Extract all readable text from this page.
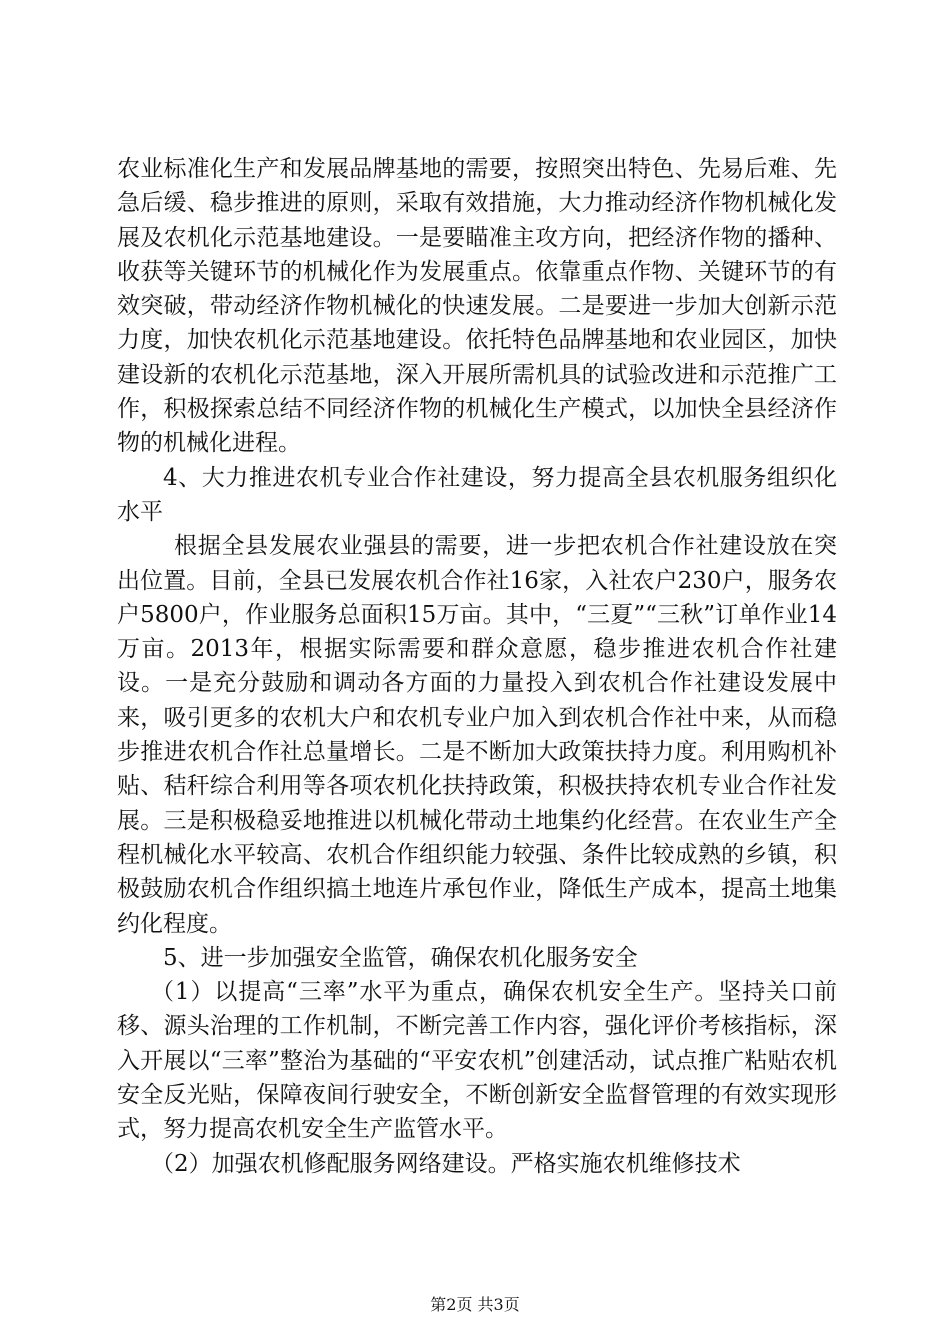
农业标准化生产和发展品牌基地的需要，按照突出特色、先易后难、先急后缓、稳步推进的原则，采取有效措施，大力推动经济作物机械化发展及农机化示范基地建设。一是要瞄准主攻方向，把经济作物的播种、收获等关键环节的机械化作为发展重点。依靠重点作物、关键环节的有效突破，带动经济作物机械化的快速发展。二是要进一步加大创新示范力度，加快农机化示范基地建设。依托特色品牌基地和农业园区，加快建设新的农机化示范基地，深入开展所需机具的试验改进和示范推广工作，积极探索总结不同经济作物的机械化生产模式，以加快全县经济作物的机械化进程。

4、大力推进农机专业合作社建设，努力提高全县农机服务组织化水平

根据全县发展农业强县的需要，进一步把农机合作社建设放在突出位置。目前，全县已发展农机合作社16家，入社农户230户，服务农户5800户，作业服务总面积15万亩。其中，“三夏”“三秋”订单作业14万亩。2013年，根据实际需要和群众意愿，稳步推进农机合作社建设。一是充分鼓励和调动各方面的力量投入到农机合作社建设发展中来，吸引更多的农机大户和农机专业户加入到农机合作社中来，从而稳步推进农机合作社总量增长。二是不断加大政策扶持力度。利用购机补贴、秸秆综合利用等各项农机化扶持政策，积极扶持农机专业合作社发展。三是积极稳妥地推进以机械化带动土地集约化经营。在农业生产全程机械化水平较高、农机合作组织能力较强、条件比较成熟的乡镇，积极鼓励农机合作组织搞土地连片承包作业，降低生产成本，提高土地集约化程度。

5、进一步加强安全监管，确保农机化服务安全

（1）以提高“三率”水平为重点，确保农机安全生产。坚持关口前移、源头治理的工作机制，不断完善工作内容，强化评价考核指标，深入开展以“三率”整治为基础的“平安农机”创建活动，试点推广粘贴农机安全反光贴，保障夜间行驶安全，不断创新安全监督管理的有效实现形式，努力提高农机安全生产监管水平。

（2）加强农机修配服务网络建设。严格实施农机维修技术

第2页 共3页
